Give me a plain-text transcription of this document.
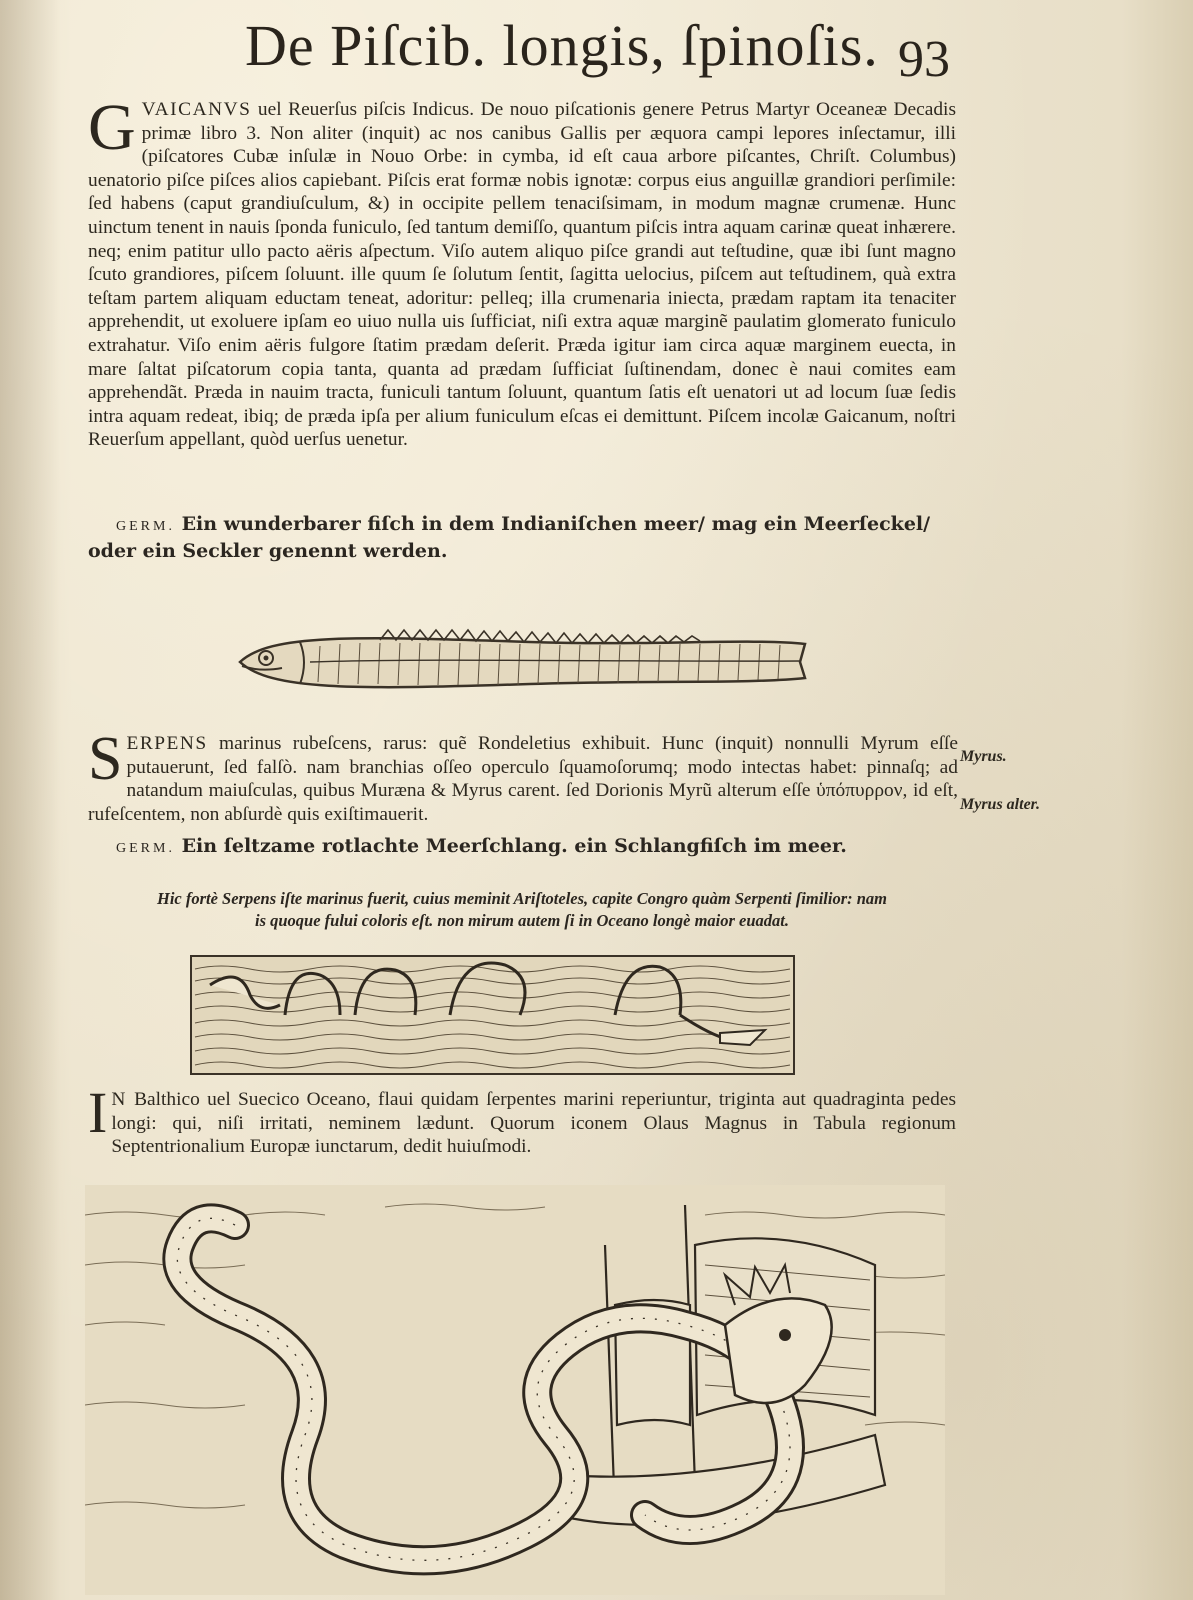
De Piſcib. longis, ſpinoſis. 93
GVAICANVS uel Reuerſus piſcis Indicus. De nouo piſcationis genere Petrus Martyr Oceaneæ Decadis primæ libro 3. Non aliter (inquit) ac nos canibus Gallis per æquora campi lepores inſectamur, illi (piſcatores Cubæ inſulæ in Nouo Orbe: in cymba, id eſt caua arbore piſcantes, Chriſt. Columbus) uenatorio piſce piſces alios capiebant. Piſcis erat formæ nobis ignotæ: corpus eius anguillæ grandiori perſimile: ſed habens (caput grandiuſculum, &) in occipite pellem tenaciſsimam, in modum magnæ crumenæ. Hunc uinctum tenent in nauis ſponda funiculo, ſed tantum demiſſo, quantum piſcis intra aquam carinæ queat inhærere. neq; enim patitur ullo pacto aëris aſpectum. Viſo autem aliquo piſce grandi aut teſtudine, quæ ibi ſunt magno ſcuto grandiores, piſcem ſoluunt. ille quum ſe ſolutum ſentit, ſagitta uelocius, piſcem aut teſtudinem, quà extra teſtam partem aliquam eductam teneat, adoritur: pelleq; illa crumenaria iniecta, prædam raptam ita tenaciter apprehendit, ut exoluere ipſam eo uiuo nulla uis ſufficiat, niſi extra aquæ marginẽ paulatim glomerato funiculo extrahatur. Viſo enim aëris fulgore ſtatim prædam deſerit. Præda igitur iam circa aquæ marginem euecta, in mare ſaltat piſcatorum copia tanta, quanta ad prædam ſufficiat ſuſtinendam, donec è naui comites eam apprehendãt. Præda in nauim tracta, funiculi tantum ſoluunt, quantum ſatis eſt uenatori ut ad locum ſuæ ſedis intra aquam redeat, ibiq; de præda ipſa per alium funiculum eſcas ei demittunt. Piſcem incolæ Gaicanum, noſtri Reuerſum appellant, quòd uerſus uenetur.
GERM. Ein wunderbarer fiſch in dem Indianiſchen meer/ mag ein Meerſeckel/ oder ein Seckler genennt werden.
SERPENS marinus rubeſcens, rarus: quẽ Rondeletius exhibuit. Hunc (inquit) nonnulli Myrum eſſe putauerunt, ſed falſò. nam branchias oſſeo operculo ſquamoſorumq; modo intectas habet: pinnaſq; ad natandum maiuſculas, quibus Muræna & Myrus carent. ſed Dorionis Myrũ alterum eſſe ὑπόπυρρον, id eſt, rufeſcentem, non abſurdè quis exiſtimauerit.
Myrus.
Myrus alter.
GERM. Ein ſeltzame rotlachte Meerſchlang. ein Schlangfiſch im meer.
Hic fortè Serpens iſte marinus fuerit, cuius meminit Ariſtoteles, capite Congro quàm Serpenti ſimilior: nam
is quoque fului coloris eſt. non mirum autem ſi in Oceano longè maior euadat.
I N Balthico uel Suecico Oceano, flaui quidam ſerpentes marini reperiuntur, triginta aut quadraginta pedes longi: qui, niſi irritati, neminem lædunt. Quorum iconem Olaus Magnus in Tabula regionum Septentrionalium Europæ iunctarum, dedit huiuſmodi.
